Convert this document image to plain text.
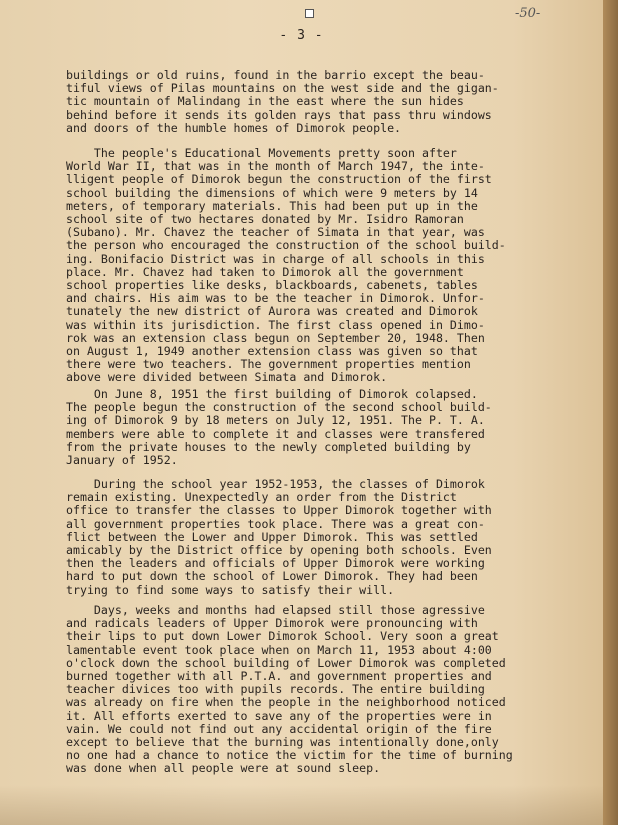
-50-
- 3 -
buildings or old ruins, found in the barrio except the beau-
tiful views of Pilas mountains on the west side and the gigan-
tic mountain of Malindang in the east where the sun hides
behind before it sends its golden rays that pass thru windows
and doors of the humble homes of Dimorok people.
The people's Educational Movements pretty soon after
World War II, that was in the month of March 1947, the inte-
lligent people of Dimorok begun the construction of the first
school building the dimensions of which were 9 meters by 14
meters, of temporary materials. This had been put up in the
school site of two hectares donated by Mr. Isidro Ramoran
(Subano). Mr. Chavez the teacher of Simata in that year, was
the person who encouraged the construction of the school build-
ing. Bonifacio District was in charge of all schools in this
place. Mr. Chavez had taken to Dimorok all the government
school properties like desks, blackboards, cabenets, tables
and chairs. His aim was to be the teacher in Dimorok. Unfor-
tunately the new district of Aurora was created and Dimorok
was within its jurisdiction. The first class opened in Dimo-
rok was an extension class begun on September 20, 1948. Then
on August 1, 1949 another extension class was given so that
there were two teachers. The government properties mention
above were divided between Simata and Dimorok.
On June 8, 1951 the first building of Dimorok colapsed.
The people begun the construction of the second school build-
ing of Dimorok 9 by 18 meters on July 12, 1951. The P. T. A.
members were able to complete it and classes were transfered
from the private houses to the newly completed building by
January of 1952.
During the school year 1952-1953, the classes of Dimorok
remain existing. Unexpectedly an order from the District
office to transfer the classes to Upper Dimorok together with
all government properties took place. There was a great con-
flict between the Lower and Upper Dimorok. This was settled
amicably by the District office by opening both schools. Even
then the leaders and officials of Upper Dimorok were working
hard to put down the school of Lower Dimorok. They had been
trying to find some ways to satisfy their will.
Days, weeks and months had elapsed still those agressive
and radicals leaders of Upper Dimorok were pronouncing with
their lips to put down Lower Dimorok School. Very soon a great
lamentable event took place when on March 11, 1953 about 4:00
o'clock down the school building of Lower Dimorok was completed
burned together with all P.T.A. and government properties and
teacher divices too with pupils records. The entire building
was already on fire when the people in the neighborhood noticed
it. All efforts exerted to save any of the properties were in
vain. We could not find out any accidental origin of the fire
except to believe that the burning was intentionally done,only
no one had a chance to notice the victim for the time of burning
was done when all people were at sound sleep.
